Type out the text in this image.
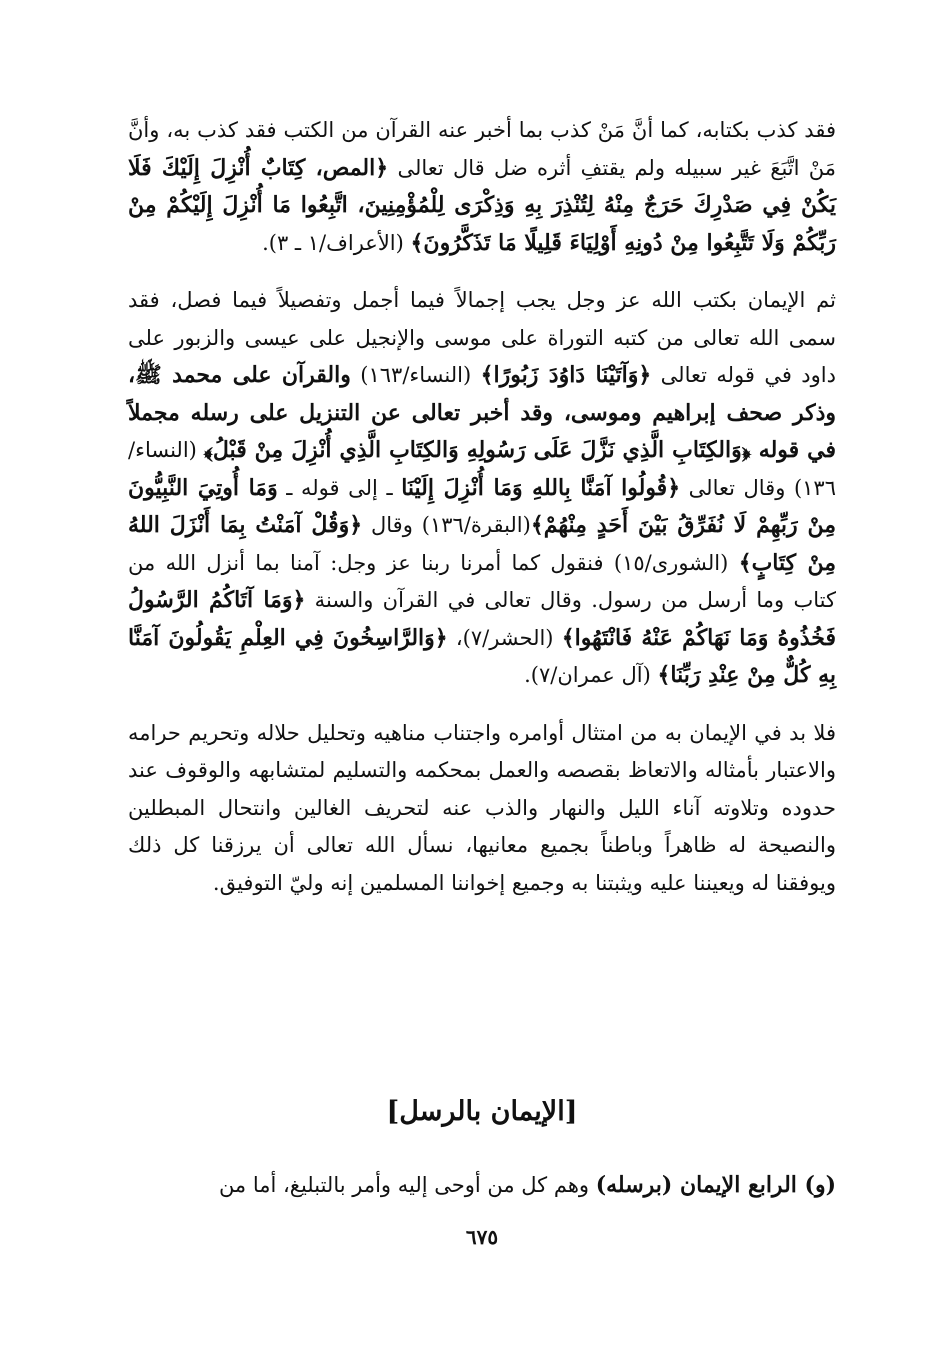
فقد كذب بكتابه، كما أنَّ مَنْ كذب بما أخبر عنه القرآن من الكتب فقد كذب به، وأنَّ مَنْ اتَّبَعَ غير سبيله ولم يقتفِ أثره ضل قال تعالى ﴿المص، كِتَابٌ أُنْزِلَ إِلَيْكَ فَلَا يَكُنْ فِي صَدْرِكَ حَرَجٌ مِنْهُ لِتُنْذِرَ بِهِ وَذِكْرَى لِلْمُؤْمِنِينَ، اتَّبِعُوا مَا أُنْزِلَ إِلَيْكُمْ مِنْ رَبِّكُمْ وَلَا تَتَّبِعُوا مِنْ دُونِهِ أَوْلِيَاءَ قَلِيلًا مَا تَذَكَّرُونَ﴾ (الأعراف/١ ـ ٣).

ثم الإيمان بكتب الله عز وجل يجب إجمالاً فيما أجمل وتفصيلاً فيما فصل، فقد سمى الله تعالى من كتبه التوراة على موسى والإنجيل على عيسى والزبور على داود في قوله تعالى ﴿وَآتَيْنَا دَاوُدَ زَبُورًا﴾ (النساء/١٦٣) والقرآن على محمد ﷺ، وذكر صحف إبراهيم وموسى، وقد أخبر تعالى عن التنزيل على رسله مجملاً في قوله ﴿وَالكِتَابِ الَّذِي نَزَّلَ عَلَى رَسُولِهِ وَالكِتَابِ الَّذِي أُنْزِلَ مِنْ قَبْلُ﴾ (النساء/١٣٦) وقال تعالى ﴿قُولُوا آمَنَّا بِاللهِ وَمَا أُنْزِلَ إِلَيْنَا ـ إلى قوله ـ وَمَا أُوتِيَ النَّبِيُّونَ مِنْ رَبِّهِمْ لَا نُفَرِّقُ بَيْنَ أَحَدٍ مِنْهُمْ﴾(البقرة/١٣٦) وقال ﴿وَقُلْ آمَنْتُ بِمَا أَنْزَلَ اللهُ مِنْ كِتَابٍ﴾ (الشورى/١٥) فنقول كما أمرنا ربنا عز وجل: آمنا بما أنزل الله من كتاب وما أرسل من رسول. وقال تعالى في القرآن والسنة ﴿وَمَا آتَاكُمُ الرَّسُولُ فَخُذُوهُ وَمَا نَهَاكُمْ عَنْهُ فَانْتَهُوا﴾ (الحشر/٧)، ﴿وَالرَّاسِخُونَ فِي العِلْمِ يَقُولُونَ آمَنَّا بِهِ كُلٌّ مِنْ عِنْدِ رَبِّنَا﴾ (آل عمران/٧).

فلا بد في الإيمان به من امتثال أوامره واجتناب مناهيه وتحليل حلاله وتحريم حرامه والاعتبار بأمثاله والاتعاظ بقصصه والعمل بمحكمه والتسليم لمتشابهه والوقوف عند حدوده وتلاوته آناء الليل والنهار والذب عنه لتحريف الغالين وانتحال المبطلين والنصيحة له ظاهراً وباطناً بجميع معانيها، نسأل الله تعالى أن يرزقنا كل ذلك ويوفقنا له ويعيننا عليه ويثبتنا به وجميع إخواننا المسلمين إنه وليّ التوفيق.

[الإيمان بالرسل]

(و) الرابع الإيمان (برسله) وهم كل من أوحى إليه وأمر بالتبليغ، أما من

٦٧٥
